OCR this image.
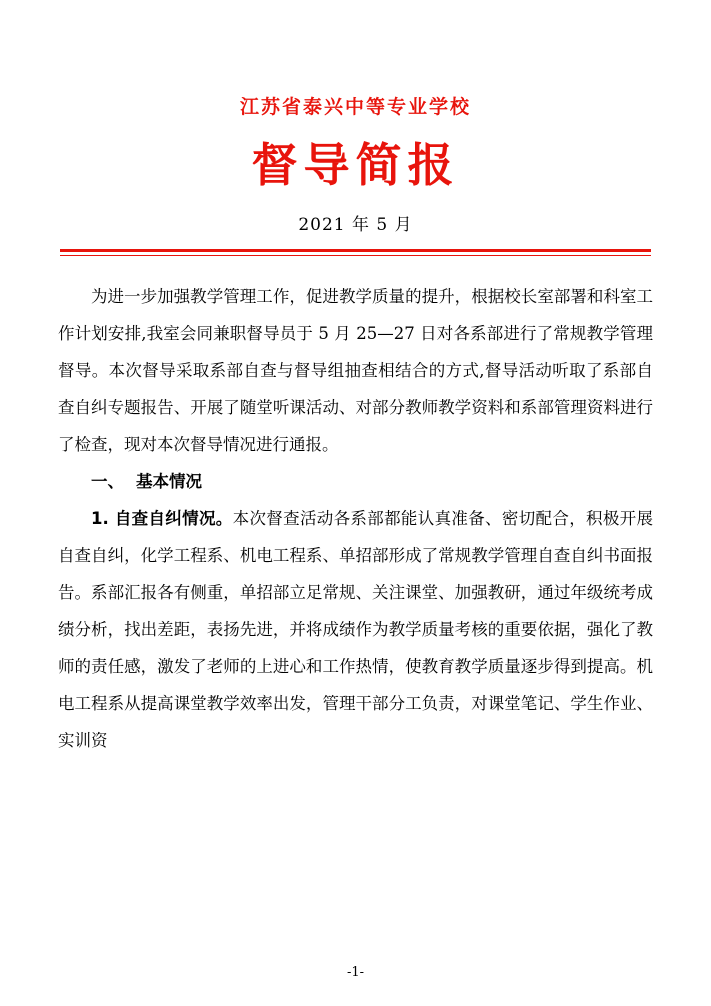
江苏省泰兴中等专业学校
督导简报
2021 年 5 月

为进一步加强教学管理工作，促进教学质量的提升，根据校长室部署和科室工作计划安排,我室会同兼职督导员于 5 月 25—27 日对各系部进行了常规教学管理督导。本次督导采取系部自查与督导组抽查相结合的方式,督导活动听取了系部自查自纠专题报告、开展了随堂听课活动、对部分教师教学资料和系部管理资料进行了检查，现对本次督导情况进行通报。

一、 基本情况

1. 自查自纠情况。本次督查活动各系部都能认真准备、密切配合，积极开展自查自纠，化学工程系、机电工程系、单招部形成了常规教学管理自查自纠书面报告。系部汇报各有侧重，单招部立足常规、关注课堂、加强教研，通过年级统考成绩分析，找出差距，表扬先进，并将成绩作为教学质量考核的重要依据，强化了教师的责任感，激发了老师的上进心和工作热情，使教育教学质量逐步得到提高。机电工程系从提高课堂教学效率出发，管理干部分工负责，对课堂笔记、学生作业、实训资

-1-
